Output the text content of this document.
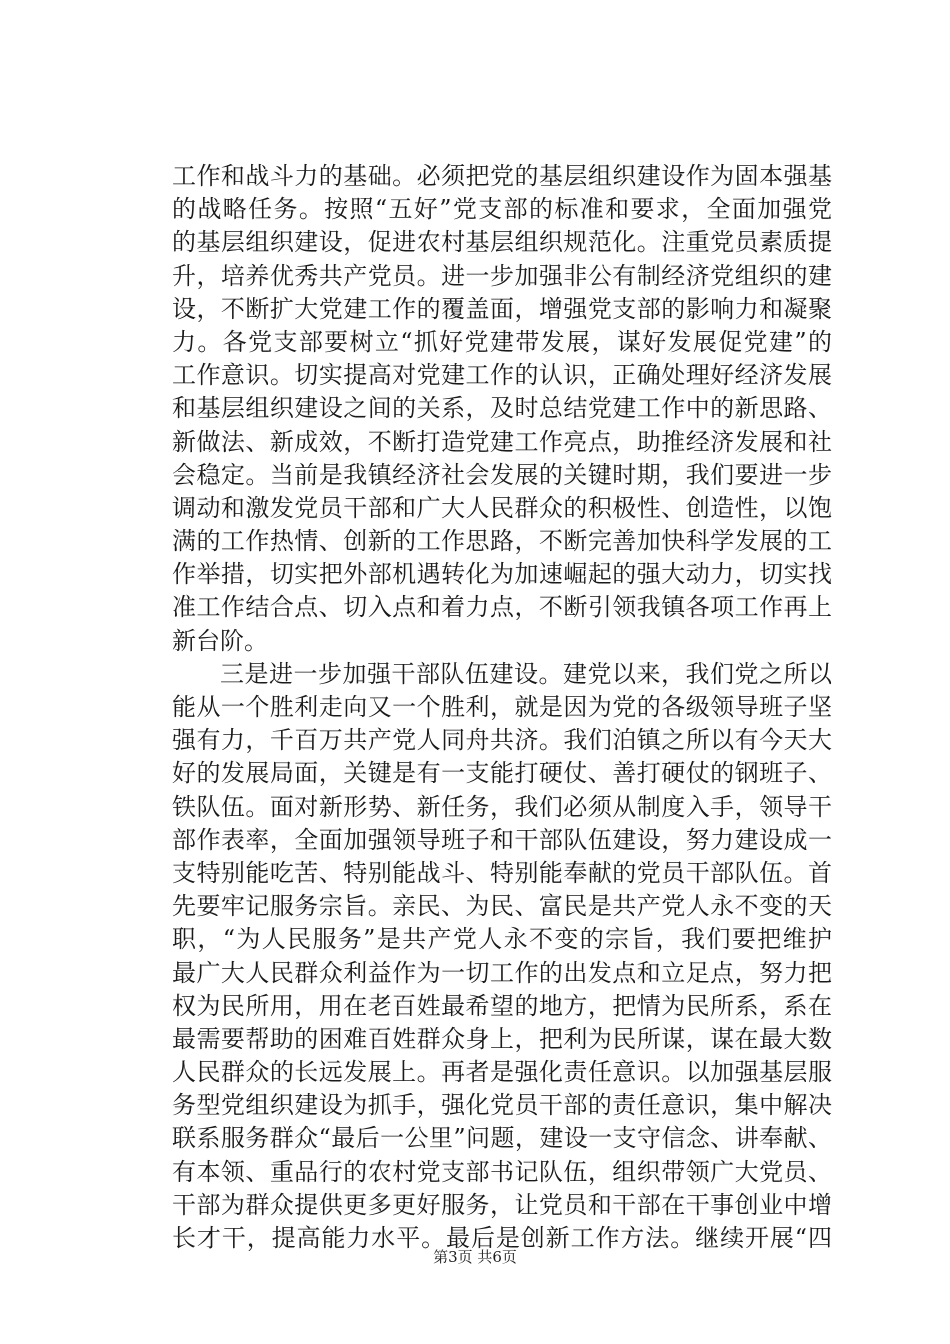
工作和战斗力的基础。必须把党的基层组织建设作为固本强基
的战略任务。按照“五好”党支部的标准和要求，全面加强党
的基层组织建设，促进农村基层组织规范化。注重党员素质提
升，培养优秀共产党员。进一步加强非公有制经济党组织的建
设，不断扩大党建工作的覆盖面，增强党支部的影响力和凝聚
力。各党支部要树立“抓好党建带发展，谋好发展促党建”的
工作意识。切实提高对党建工作的认识，正确处理好经济发展
和基层组织建设之间的关系，及时总结党建工作中的新思路、
新做法、新成效，不断打造党建工作亮点，助推经济发展和社
会稳定。当前是我镇经济社会发展的关键时期，我们要进一步
调动和激发党员干部和广大人民群众的积极性、创造性，以饱
满的工作热情、创新的工作思路，不断完善加快科学发展的工
作举措，切实把外部机遇转化为加速崛起的强大动力，切实找
准工作结合点、切入点和着力点，不断引领我镇各项工作再上
新台阶。
三是进一步加强干部队伍建设。建党以来，我们党之所以
能从一个胜利走向又一个胜利，就是因为党的各级领导班子坚
强有力，千百万共产党人同舟共济。我们泊镇之所以有今天大
好的发展局面，关键是有一支能打硬仗、善打硬仗的钢班子、
铁队伍。面对新形势、新任务，我们必须从制度入手，领导干
部作表率，全面加强领导班子和干部队伍建设，努力建设成一
支特别能吃苦、特别能战斗、特别能奉献的党员干部队伍。首
先要牢记服务宗旨。亲民、为民、富民是共产党人永不变的天
职，“为人民服务”是共产党人永不变的宗旨，我们要把维护
最广大人民群众利益作为一切工作的出发点和立足点，努力把
权为民所用，用在老百姓最希望的地方，把情为民所系，系在
最需要帮助的困难百姓群众身上，把利为民所谋，谋在最大数
人民群众的长远发展上。再者是强化责任意识。以加强基层服
务型党组织建设为抓手，强化党员干部的责任意识，集中解决
联系服务群众“最后一公里”问题，建设一支守信念、讲奉献、
有本领、重品行的农村党支部书记队伍，组织带领广大党员、
干部为群众提供更多更好服务，让党员和干部在干事创业中增
长才干，提高能力水平。最后是创新工作方法。继续开展“四
第3页 共6页
